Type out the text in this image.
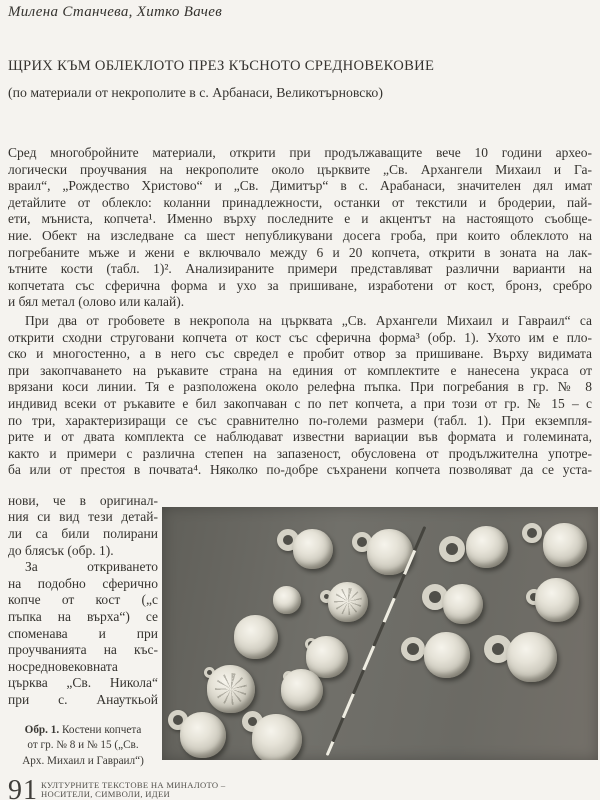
Милена Станчева, Хитко Вачев
ЩРИХ КЪМ ОБЛЕКЛОТО ПРЕЗ КЪСНОТО СРЕДНОВЕКОВИЕ
(по материали от некрополите в с. Арбанаси, Великотърновско)
Сред многобройните материали, открити при продължаващите вече 10 години архео-
логически проучвания на некрополите около църквите „Св. Архангели Михаил и Га-
враил“, „Рождество Христово“ и „Св. Димитър“ в с. Арабанаси, значителен дял имат
детайлите от облекло: коланни принадлежности, останки от текстили и бродерии, пай-
ети, мъниста, копчета¹. Именно върху последните е и акцентът на настоящото съобще-
ние. Обект на изследване са шест непубликувани досега гроба, при които облеклото на
погребаните мъже и жени е включвало между 6 и 20 копчета, открити в зоната на лак-
ътните кости (табл. 1)². Анализираните примери представляват различни варианти на
копчетата със сферична форма и ухо за пришиване, изработени от кост, бронз, сребро
и бял метал (олово или калай).
При два от гробовете в некропола на църквата „Св. Архангели Михаил и Гавраил“ са
открити сходни струговани копчета от кост със сферична форма³ (обр. 1). Ухото им е пло-
ско и многостенно, а в него със свредел е пробит отвор за пришиване. Върху видимата
при закопчаването на ръкавите страна на единия от комплектите е нанесена украса от
врязани коси линии. Тя е разположена около релефна пъпка. При погребания в гр. № 8
индивид всеки от ръкавите е бил закопчаван с по пет копчета, а при този от гр. № 15 – с
по три, характеризиращи се със сравнително по-големи размери (табл. 1). При екземпля-
рите и от двата комплекта се наблюдават известни вариации във формата и големината,
както и примери с различна степен на запазеност, обусловена от продължителна употре-
ба или от престоя в почвата⁴. Няколко по-добре съхранени копчета позволяват да се уста-
нови, че в оригинал-
ния си вид тези детай-
ли са били полирани
до блясък (обр. 1).
За откриването
на подобно сферично
копче от кост („с
пъпка на върха“) се
споменава и при
проучванията на къс-
носредновековната
църква „Св. Никола“
при с. Анауткьой
Обр. 1. Костени копчета
от гр. № 8 и № 15 („Св.
Арх. Михаил и Гавраил“)
91 КУЛТУРНИТЕ ТЕКСТОВЕ НА МИНАЛОТО –
НОСИТЕЛИ, СИМВОЛИ, ИДЕИ
